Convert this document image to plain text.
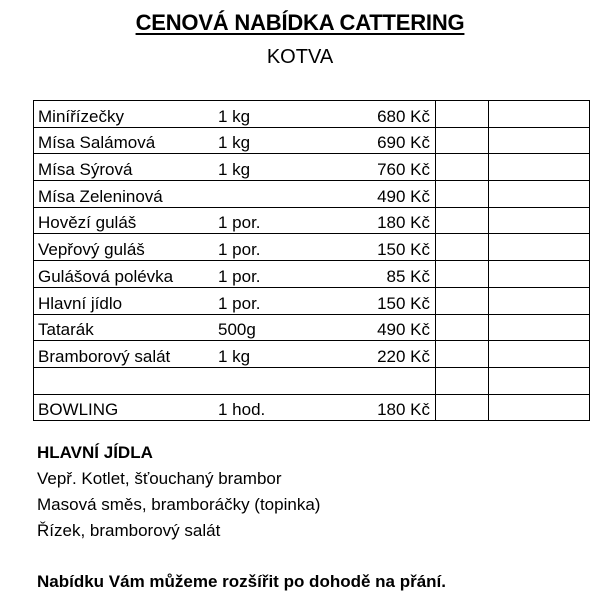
CENOVÁ NABÍDKA CATTERING
KOTVA
Minířízečky	1 kg	680 Kč		
Mísa Salámová	1 kg	690 Kč		
Mísa Sýrová	1 kg	760 Kč		
Mísa Zeleninová		490 Kč		
Hovězí guláš	1 por.	180 Kč		
Vepřový guláš	1 por.	150 Kč		
Gulášová polévka	1 por.	85 Kč		
Hlavní jídlo	1 por.	150 Kč		
Tatarák	500g	490 Kč		
Bramborový salát	1 kg	220 Kč		

BOWLING	1 hod.	180 Kč		
HLAVNÍ JÍDLA
Vepř. Kotlet, šťouchaný brambor
Masová směs, bramboráčky (topinka)
Řízek, bramborový salát
Nabídku Vám můžeme rozšířit po dohodě na přání.
